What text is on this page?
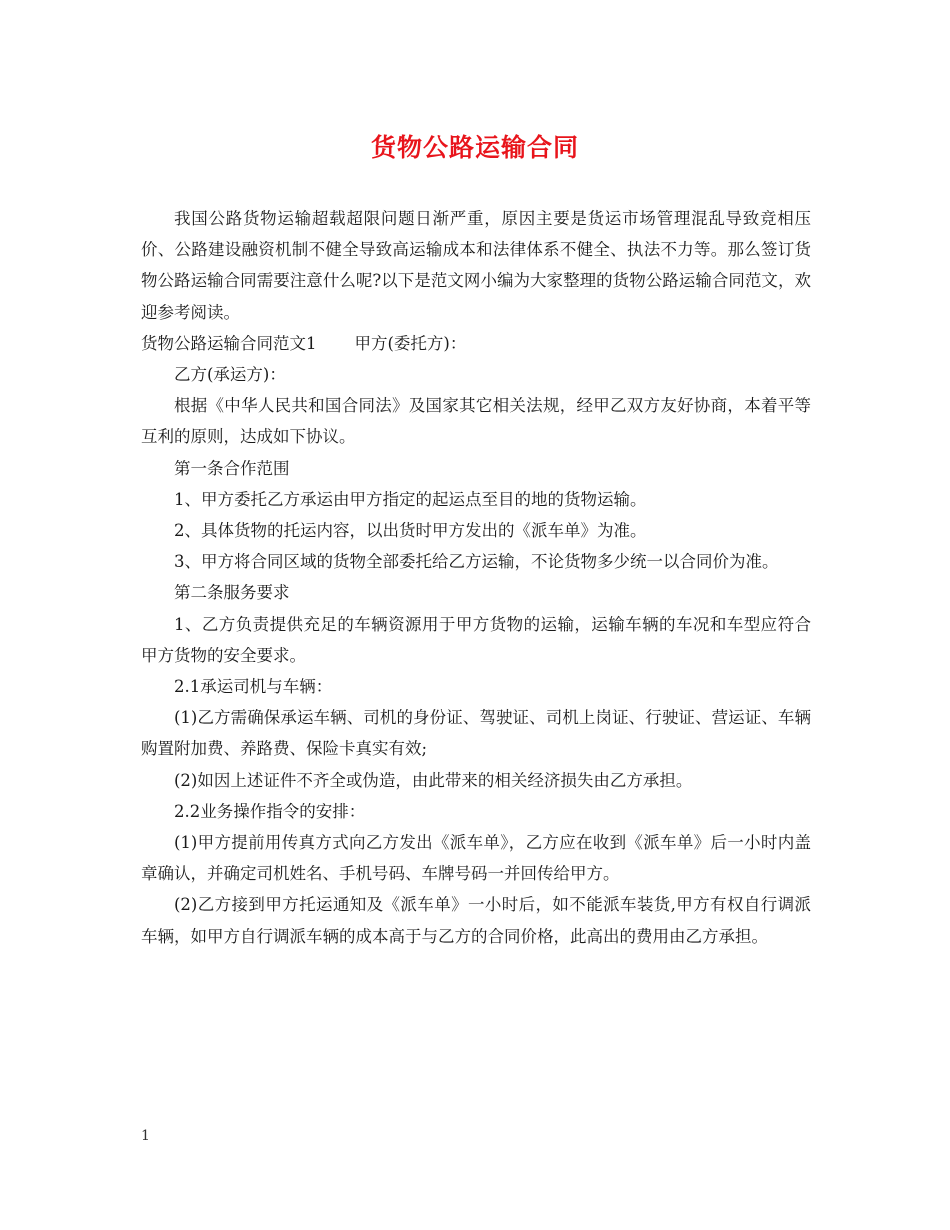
货物公路运输合同

我国公路货物运输超载超限问题日渐严重，原因主要是货运市场管理混乱导致竞相压价、公路建设融资机制不健全导致高运输成本和法律体系不健全、执法不力等。那么签订货物公路运输合同需要注意什么呢?以下是范文网小编为大家整理的货物公路运输合同范文，欢迎参考阅读。

货物公路运输合同范文1 甲方(委托方)：

乙方(承运方)：

根据《中华人民共和国合同法》及国家其它相关法规，经甲乙双方友好协商，本着平等互利的原则，达成如下协议。

第一条合作范围

1、甲方委托乙方承运由甲方指定的起运点至目的地的货物运输。

2、具体货物的托运内容，以出货时甲方发出的《派车单》为准。

3、甲方将合同区域的货物全部委托给乙方运输，不论货物多少统一以合同价为准。

第二条服务要求

1、乙方负责提供充足的车辆资源用于甲方货物的运输，运输车辆的车况和车型应符合甲方货物的安全要求。

2.1承运司机与车辆：

(1)乙方需确保承运车辆、司机的身份证、驾驶证、司机上岗证、行驶证、营运证、车辆购置附加费、养路费、保险卡真实有效;

(2)如因上述证件不齐全或伪造，由此带来的相关经济损失由乙方承担。

2.2业务操作指令的安排：

(1)甲方提前用传真方式向乙方发出《派车单》，乙方应在收到《派车单》后一小时内盖章确认，并确定司机姓名、手机号码、车牌号码一并回传给甲方。

(2)乙方接到甲方托运通知及《派车单》一小时后，如不能派车装货,甲方有权自行调派车辆，如甲方自行调派车辆的成本高于与乙方的合同价格，此高出的费用由乙方承担。

1
